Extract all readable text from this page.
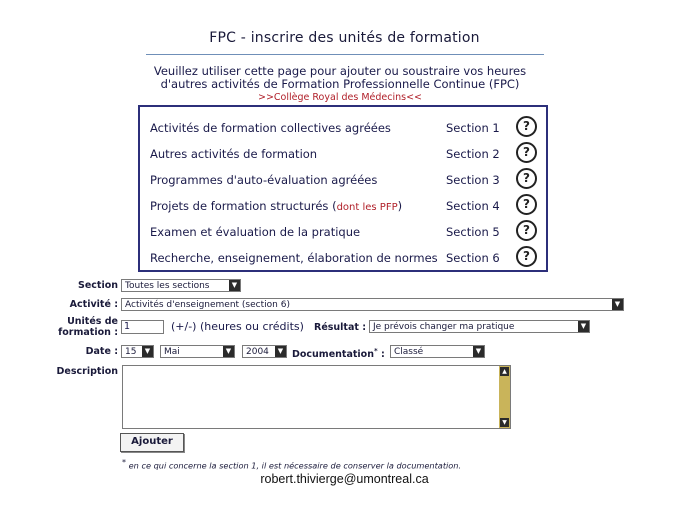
FPC - inscrire des unités de formation
Veuillez utiliser cette page pour ajouter ou soustraire vos heures
d'autres activités de Formation Professionnelle Continue (FPC)
>>Collège Royal des Médecins<<
Activités de formation collectives agréées	Section 1	?
Autres activités de formation	Section 2	?
Programmes d'auto-évaluation agréées	Section 3	?
Projets de formation structurés (dont les PFP)	Section 4	?
Examen et évaluation de la pratique	Section 5	?
Recherche, enseignement, élaboration de normes Section 6	?
Section Toutes les sections	▼
Activité : Activités d'enseignement (section 6)	▼
Unités de
formation :
1	(+/-) (heures ou crédits) Résultat : Je prévois changer ma pratique	▼
Date : 15	▼	Mai	▼	2004	▼ Documentation* :	Classé	▼
Description	▲
▼
Ajouter
* en ce qui concerne la section 1, il est nécessaire de conserver la documentation.
robert.thivierge@umontreal.ca
